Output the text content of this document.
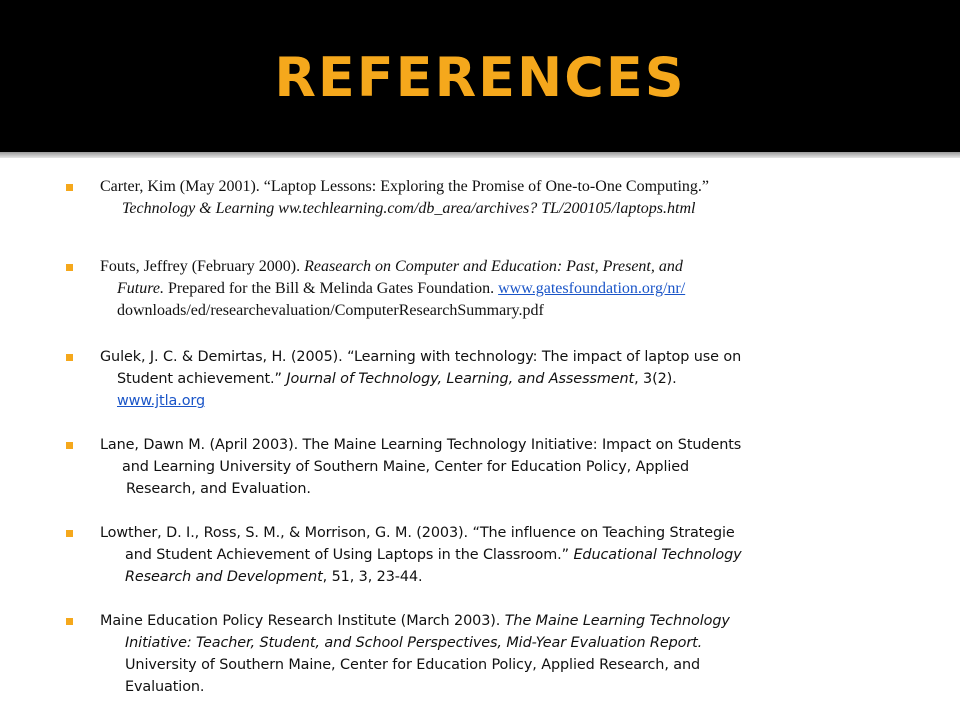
REFERENCES
Carter, Kim (May 2001). “Laptop Lessons: Exploring the Promise of One-to-One Computing.”
Technology & Learning ww.techlearning.com/db_area/archives? TL/200105/laptops.html
Fouts, Jeffrey (February 2000). Reasearch on Computer and Education: Past, Present, and
Future. Prepared for the Bill & Melinda Gates Foundation. www.gatesfoundation.org/nr/
downloads/ed/researchevaluation/ComputerResearchSummary.pdf
Gulek, J. C. & Demirtas, H. (2005). “Learning with technology: The impact of laptop use on
Student achievement.” Journal of Technology, Learning, and Assessment, 3(2).
www.jtla.org
Lane, Dawn M. (April 2003). The Maine Learning Technology Initiative: Impact on Students
and Learning University of Southern Maine, Center for Education Policy, Applied
Research, and Evaluation.
Lowther, D. I., Ross, S. M., & Morrison, G. M. (2003). “The influence on Teaching Strategie
and Student Achievement of Using Laptops in the Classroom.” Educational Technology
Research and Development, 51, 3, 23-44.
Maine Education Policy Research Institute (March 2003). The Maine Learning Technology
Initiative: Teacher, Student, and School Perspectives, Mid-Year Evaluation Report.
University of Southern Maine, Center for Education Policy, Applied Research, and
Evaluation.
